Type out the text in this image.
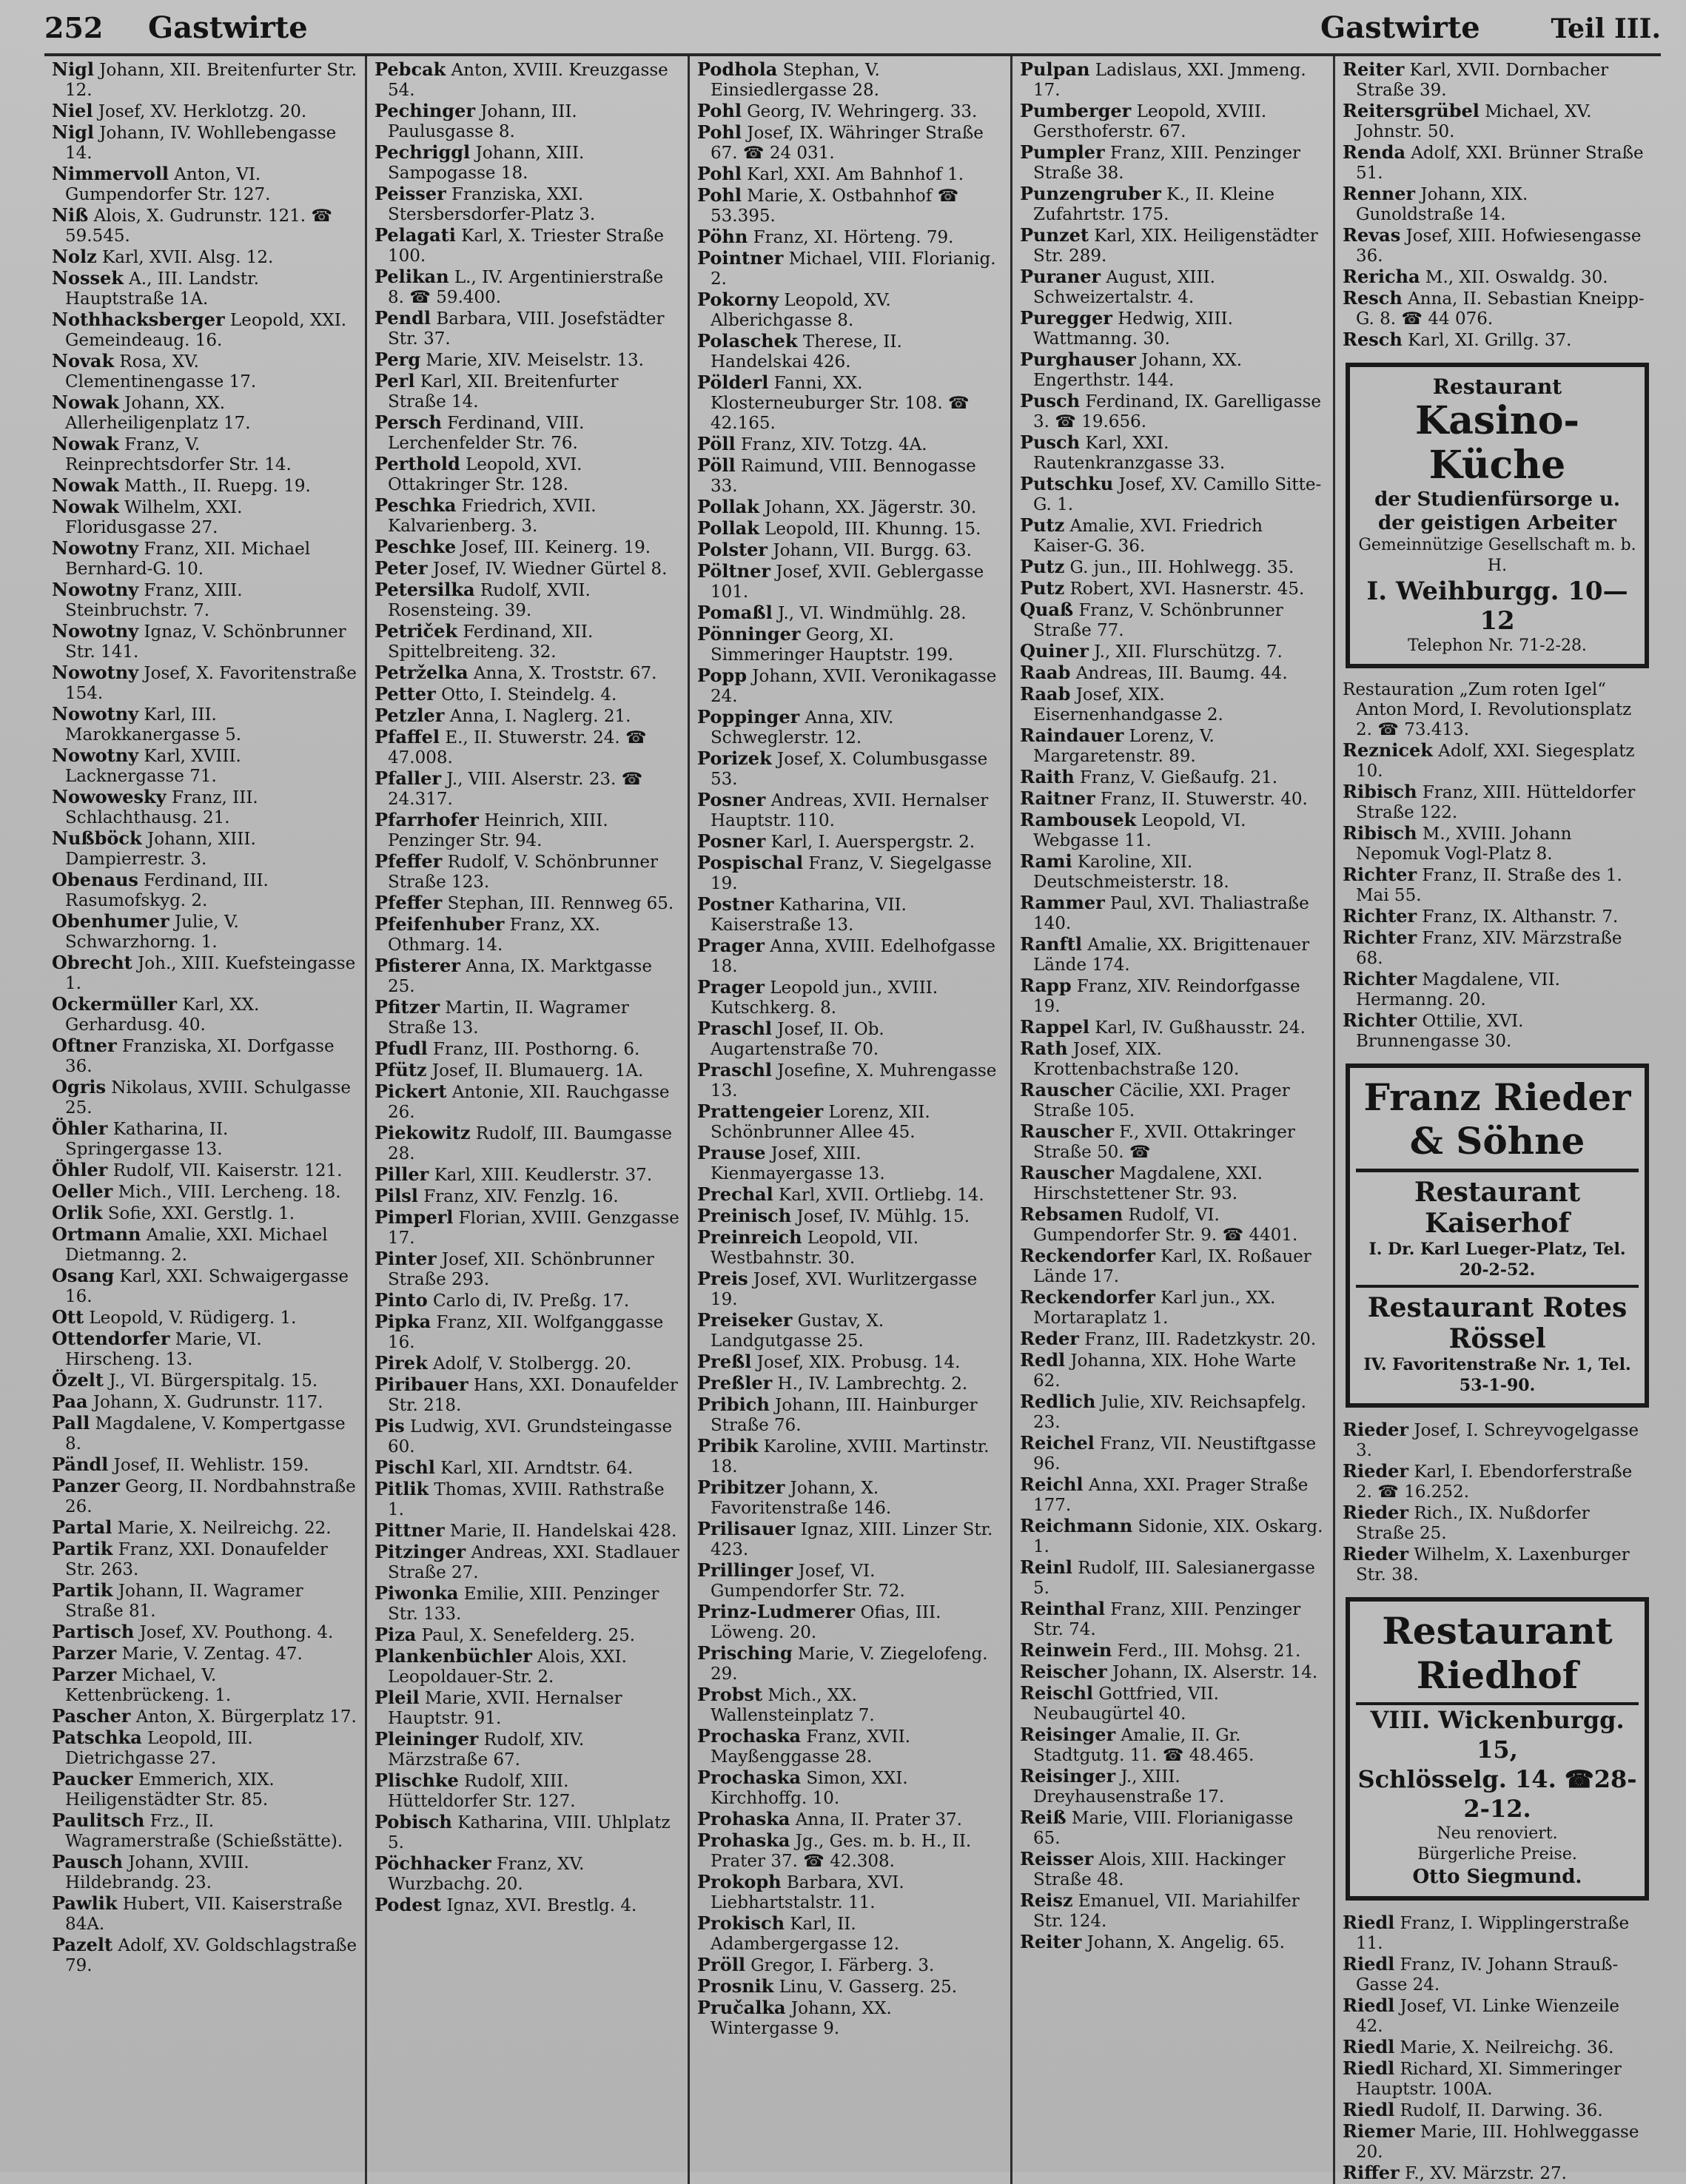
252	Gastwirte	Gastwirte	Teil III.

Nigl Johann, XII. Breitenfurter Str. 12.

Niel Josef, XV. Herklotzg. 20.

Nigl Johann, IV. Wohllebengasse 14.

Nimmervoll Anton, VI. Gumpendorfer Str. 127.

Niß Alois, X. Gudrunstr. 121. ☎ 59.545.

Nolz Karl, XVII. Alsg. 12.

Nossek A., III. Landstr. Hauptstraße 1A.

Nothhacksberger Leopold, XXI. Gemeindeaug. 16.

Novak Rosa, XV. Clementinengasse 17.

Nowak Johann, XX. Allerheiligenplatz 17.

Nowak Franz, V. Reinprechtsdorfer Str. 14.

Nowak Matth., II. Ruepg. 19.

Nowak Wilhelm, XXI. Floridusgasse 27.

Nowotny Franz, XII. Michael Bernhard-G. 10.

Nowotny Franz, XIII. Steinbruchstr. 7.

Nowotny Ignaz, V. Schönbrunner Str. 141.

Nowotny Josef, X. Favoritenstraße 154.

Nowotny Karl, III. Marokkanergasse 5.

Nowotny Karl, XVIII. Lacknergasse 71.

Nowowesky Franz, III. Schlachthausg. 21.

Nußböck Johann, XIII. Dampierrestr. 3.

Obenaus Ferdinand, III. Rasumofskyg. 2.

Obenhumer Julie, V. Schwarzhorng. 1.

Obrecht Joh., XIII. Kuefsteingasse 1.

Ockermüller Karl, XX. Gerhardusg. 40.

Oftner Franziska, XI. Dorfgasse 36.

Ogris Nikolaus, XVIII. Schulgasse 25.

Öhler Katharina, II. Springergasse 13.

Öhler Rudolf, VII. Kaiserstr. 121.

Oeller Mich., VIII. Lercheng. 18.

Orlik Sofie, XXI. Gerstlg. 1.

Ortmann Amalie, XXI. Michael Dietmanng. 2.

Osang Karl, XXI. Schwaigergasse 16.

Ott Leopold, V. Rüdigerg. 1.

Ottendorfer Marie, VI. Hirscheng. 13.

Özelt J., VI. Bürgerspitalg. 15.

Paa Johann, X. Gudrunstr. 117.

Pall Magdalene, V. Kompertgasse 8.

Pändl Josef, II. Wehlistr. 159.

Panzer Georg, II. Nordbahnstraße 26.

Partal Marie, X. Neilreichg. 22.

Partik Franz, XXI. Donaufelder Str. 263.

Partik Johann, II. Wagramer Straße 81.

Partisch Josef, XV. Pouthong. 4.

Parzer Marie, V. Zentag. 47.

Parzer Michael, V. Kettenbrückeng. 1.

Pascher Anton, X. Bürgerplatz 17.

Patschka Leopold, III. Dietrichgasse 27.

Paucker Emmerich, XIX. Heiligenstädter Str. 85.

Paulitsch Frz., II. Wagramerstraße (Schießstätte).

Pausch Johann, XVIII. Hildebrandg. 23.

Pawlik Hubert, VII. Kaiserstraße 84A.

Pazelt Adolf, XV. Goldschlagstraße 79.

Pebcak Anton, XVIII. Kreuzgasse 54.

Pechinger Johann, III. Paulusgasse 8.

Pechriggl Johann, XIII. Sampogasse 18.

Peisser Franziska, XXI. Stersbersdorfer-Platz 3.

Pelagati Karl, X. Triester Straße 100.

Pelikan L., IV. Argentinierstraße 8. ☎ 59.400.

Pendl Barbara, VIII. Josefstädter Str. 37.

Perg Marie, XIV. Meiselstr. 13.

Perl Karl, XII. Breitenfurter Straße 14.

Persch Ferdinand, VIII. Lerchenfelder Str. 76.

Perthold Leopold, XVI. Ottakringer Str. 128.

Peschka Friedrich, XVII. Kalvarienberg. 3.

Peschke Josef, III. Keinerg. 19.

Peter Josef, IV. Wiedner Gürtel 8.

Petersilka Rudolf, XVII. Rosensteing. 39.

Petriček Ferdinand, XII. Spittelbreiteng. 32.

Petrželka Anna, X. Troststr. 67.

Petter Otto, I. Steindelg. 4.

Petzler Anna, I. Naglerg. 21.

Pfaffel E., II. Stuwerstr. 24. ☎ 47.008.

Pfaller J., VIII. Alserstr. 23. ☎ 24.317.

Pfarrhofer Heinrich, XIII. Penzinger Str. 94.

Pfeffer Rudolf, V. Schönbrunner Straße 123.

Pfeffer Stephan, III. Rennweg 65.

Pfeifenhuber Franz, XX. Othmarg. 14.

Pfisterer Anna, IX. Marktgasse 25.

Pfitzer Martin, II. Wagramer Straße 13.

Pfudl Franz, III. Posthorng. 6.

Pfütz Josef, II. Blumauerg. 1A.

Pickert Antonie, XII. Rauchgasse 26.

Piekowitz Rudolf, III. Baumgasse 28.

Piller Karl, XIII. Keudlerstr. 37.

Pilsl Franz, XIV. Fenzlg. 16.

Pimperl Florian, XVIII. Genzgasse 17.

Pinter Josef, XII. Schönbrunner Straße 293.

Pinto Carlo di, IV. Preßg. 17.

Pipka Franz, XII. Wolfganggasse 16.

Pirek Adolf, V. Stolbergg. 20.

Piribauer Hans, XXI. Donaufelder Str. 218.

Pis Ludwig, XVI. Grundsteingasse 60.

Pischl Karl, XII. Arndtstr. 64.

Pitlik Thomas, XVIII. Rathstraße 1.

Pittner Marie, II. Handelskai 428.

Pitzinger Andreas, XXI. Stadlauer Straße 27.

Piwonka Emilie, XIII. Penzinger Str. 133.

Piza Paul, X. Senefelderg. 25.

Plankenbüchler Alois, XXI. Leopoldauer-Str. 2.

Pleil Marie, XVII. Hernalser Hauptstr. 91.

Pleininger Rudolf, XIV. Märzstraße 67.

Plischke Rudolf, XIII. Hütteldorfer Str. 127.

Pobisch Katharina, VIII. Uhlplatz 5.

Pöchhacker Franz, XV. Wurzbachg. 20.

Podest Ignaz, XVI. Brestlg. 4.

Podhola Stephan, V. Einsiedlergasse 28.

Pohl Georg, IV. Wehringerg. 33.

Pohl Josef, IX. Währinger Straße 67. ☎ 24 031.

Pohl Karl, XXI. Am Bahnhof 1.

Pohl Marie, X. Ostbahnhof ☎ 53.395.

Pöhn Franz, XI. Hörteng. 79.

Pointner Michael, VIII. Florianig. 2.

Pokorny Leopold, XV. Alberichgasse 8.

Polaschek Therese, II. Handelskai 426.

Pölderl Fanni, XX. Klosterneuburger Str. 108. ☎ 42.165.

Pöll Franz, XIV. Totzg. 4A.

Pöll Raimund, VIII. Bennogasse 33.

Pollak Johann, XX. Jägerstr. 30.

Pollak Leopold, III. Khunng. 15.

Polster Johann, VII. Burgg. 63.

Pöltner Josef, XVII. Geblergasse 101.

Pomaßl J., VI. Windmühlg. 28.

Pönninger Georg, XI. Simmeringer Hauptstr. 199.

Popp Johann, XVII. Veronikagasse 24.

Poppinger Anna, XIV. Schweglerstr. 12.

Porizek Josef, X. Columbusgasse 53.

Posner Andreas, XVII. Hernalser Hauptstr. 110.

Posner Karl, I. Auerspergstr. 2.

Pospischal Franz, V. Siegelgasse 19.

Postner Katharina, VII. Kaiserstraße 13.

Prager Anna, XVIII. Edelhofgasse 18.

Prager Leopold jun., XVIII. Kutschkerg. 8.

Praschl Josef, II. Ob. Augartenstraße 70.

Praschl Josefine, X. Muhrengasse 13.

Prattengeier Lorenz, XII. Schönbrunner Allee 45.

Prause Josef, XIII. Kienmayergasse 13.

Prechal Karl, XVII. Ortliebg. 14.

Preinisch Josef, IV. Mühlg. 15.

Preinreich Leopold, VII. Westbahnstr. 30.

Preis Josef, XVI. Wurlitzergasse 19.

Preiseker Gustav, X. Landgutgasse 25.

Preßl Josef, XIX. Probusg. 14.

Preßler H., IV. Lambrechtg. 2.

Pribich Johann, III. Hainburger Straße 76.

Pribik Karoline, XVIII. Martinstr. 18.

Pribitzer Johann, X. Favoritenstraße 146.

Prilisauer Ignaz, XIII. Linzer Str. 423.

Prillinger Josef, VI. Gumpendorfer Str. 72.

Prinz-Ludmerer Ofias, III. Löweng. 20.

Prisching Marie, V. Ziegelofeng. 29.

Probst Mich., XX. Wallensteinplatz 7.

Prochaska Franz, XVII. Mayßenggasse 28.

Prochaska Simon, XXI. Kirchhoffg. 10.

Prohaska Anna, II. Prater 37.

Prohaska Jg., Ges. m. b. H., II. Prater 37. ☎ 42.308.

Prokoph Barbara, XVI. Liebhartstalstr. 11.

Prokisch Karl, II. Adambergergasse 12.

Pröll Gregor, I. Färberg. 3.

Prosnik Linu, V. Gasserg. 25.

Pručalka Johann, XX. Wintergasse 9.

Pulpan Ladislaus, XXI. Jmmeng. 17.

Pumberger Leopold, XVIII. Gersthoferstr. 67.

Pumpler Franz, XIII. Penzinger Straße 38.

Punzengruber K., II. Kleine Zufahrtstr. 175.

Punzet Karl, XIX. Heiligenstädter Str. 289.

Puraner August, XIII. Schweizertalstr. 4.

Puregger Hedwig, XIII. Wattmanng. 30.

Purghauser Johann, XX. Engerthstr. 144.

Pusch Ferdinand, IX. Garelligasse 3. ☎ 19.656.

Pusch Karl, XXI. Rautenkranzgasse 33.

Putschku Josef, XV. Camillo Sitte-G. 1.

Putz Amalie, XVI. Friedrich Kaiser-G. 36.

Putz G. jun., III. Hohlwegg. 35.

Putz Robert, XVI. Hasnerstr. 45.

Quaß Franz, V. Schönbrunner Straße 77.

Quiner J., XII. Flurschützg. 7.

Raab Andreas, III. Baumg. 44.

Raab Josef, XIX. Eisernenhandgasse 2.

Raindauer Lorenz, V. Margaretenstr. 89.

Raith Franz, V. Gießaufg. 21.

Raitner Franz, II. Stuwerstr. 40.

Rambousek Leopold, VI. Webgasse 11.

Rami Karoline, XII. Deutschmeisterstr. 18.

Rammer Paul, XVI. Thaliastraße 140.

Ranftl Amalie, XX. Brigittenauer Lände 174.

Rapp Franz, XIV. Reindorfgasse 19.

Rappel Karl, IV. Gußhausstr. 24.

Rath Josef, XIX. Krottenbachstraße 120.

Rauscher Cäcilie, XXI. Prager Straße 105.

Rauscher F., XVII. Ottakringer Straße 50. ☎

Rauscher Magdalene, XXI. Hirschstettener Str. 93.

Rebsamen Rudolf, VI. Gumpendorfer Str. 9. ☎ 4401.

Reckendorfer Karl, IX. Roßauer Lände 17.

Reckendorfer Karl jun., XX. Mortaraplatz 1.

Reder Franz, III. Radetzkystr. 20.

Redl Johanna, XIX. Hohe Warte 62.

Redlich Julie, XIV. Reichsapfelg. 23.

Reichel Franz, VII. Neustiftgasse 96.

Reichl Anna, XXI. Prager Straße 177.

Reichmann Sidonie, XIX. Oskarg. 1.

Reinl Rudolf, III. Salesianergasse 5.

Reinthal Franz, XIII. Penzinger Str. 74.

Reinwein Ferd., III. Mohsg. 21.

Reischer Johann, IX. Alserstr. 14.

Reischl Gottfried, VII. Neubaugürtel 40.

Reisinger Amalie, II. Gr. Stadtgutg. 11. ☎ 48.465.

Reisinger J., XIII. Dreyhausenstraße 17.

Reiß Marie, VIII. Florianigasse 65.

Reisser Alois, XIII. Hackinger Straße 48.

Reisz Emanuel, VII. Mariahilfer Str. 124.

Reiter Johann, X. Angelig. 65.

Reiter Karl, XVII. Dornbacher Straße 39.

Reitersgrübel Michael, XV. Johnstr. 50.

Renda Adolf, XXI. Brünner Straße 51.

Renner Johann, XIX. Gunoldstraße 14.

Revas Josef, XIII. Hofwiesengasse 36.

Rericha M., XII. Oswaldg. 30.

Resch Anna, II. Sebastian Kneipp-G. 8. ☎ 44 076.

Resch Karl, XI. Grillg. 37.

Restaurant
Kasino-Küche
der Studienfürsorge u. der geistigen Arbeiter
Gemeinnützige Gesellschaft m. b. H.
I. Weihburgg. 10—12
Telephon Nr. 71-2-28.

Restauration „Zum roten Igel“ Anton Mord, I. Revolutionsplatz 2. ☎ 73.413.

Reznicek Adolf, XXI. Siegesplatz 10.

Ribisch Franz, XIII. Hütteldorfer Straße 122.

Ribisch M., XVIII. Johann Nepomuk Vogl-Platz 8.

Richter Franz, II. Straße des 1. Mai 55.

Richter Franz, IX. Althanstr. 7.

Richter Franz, XIV. Märzstraße 68.

Richter Magdalene, VII. Hermanng. 20.

Richter Ottilie, XVI. Brunnengasse 30.

Franz Rieder & Söhne
Restaurant Kaiserhof
I. Dr. Karl Lueger-Platz, Tel. 20-2-52.
Restaurant Rotes Rössel
IV. Favoritenstraße Nr. 1, Tel. 53-1-90.

Rieder Josef, I. Schreyvogelgasse 3.

Rieder Karl, I. Ebendorferstraße 2. ☎ 16.252.

Rieder Rich., IX. Nußdorfer Straße 25.

Rieder Wilhelm, X. Laxenburger Str. 38.

Restaurant Riedhof
VIII. Wickenburgg. 15,
Schlösselg. 14. ☎28-2-12.
Neu renoviert.
Bürgerliche Preise.
Otto Siegmund.

Riedl Franz, I. Wipplingerstraße 11.

Riedl Franz, IV. Johann Strauß-Gasse 24.

Riedl Josef, VI. Linke Wienzeile 42.

Riedl Marie, X. Neilreichg. 36.

Riedl Richard, XI. Simmeringer Hauptstr. 100A.

Riedl Rudolf, II. Darwing. 36.

Riemer Marie, III. Hohlweggasse 20.

Riffer F., XV. Märzstr. 27.
